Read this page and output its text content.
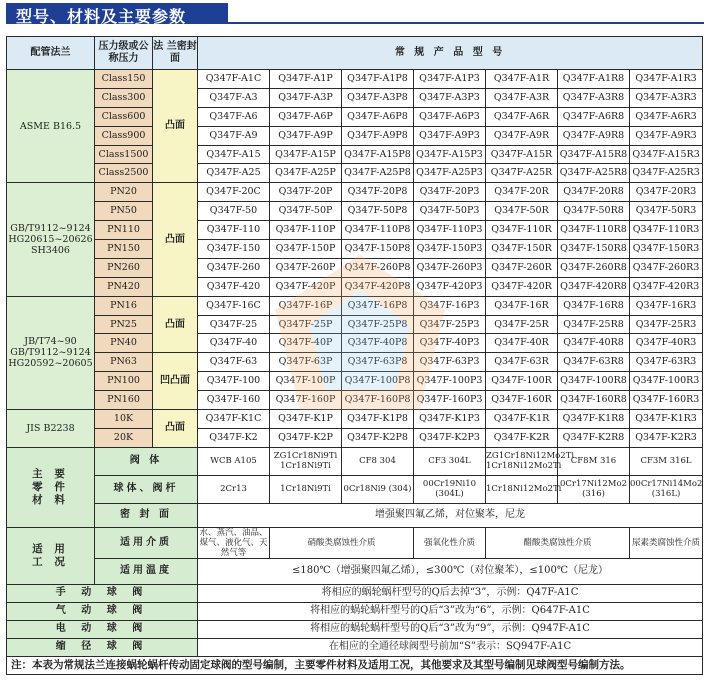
型号、材料及主要参数
配管法兰	压力级或公称压力	法 兰密封面	常 规 产 品 型 号						
ASME B16.5	Class150	凸面	Q347F-A1C	Q347F-A1P	Q347F-A1P8	Q347F-A1P3	Q347F-A1R	Q347F-A1R8	Q347F-A1R3
	Class300		Q347F-A3	Q347F-A3P	Q347F-A3P8	Q347F-A3P3	Q347F-A3R	Q347F-A3R8	Q347F-A3R3
	Class600		Q347F-A6	Q347F-A6P	Q347F-A6P8	Q347F-A6P3	Q347F-A6R	Q347F-A6R8	Q347F-A6R3
	Class900		Q347F-A9	Q347F-A9P	Q347F-A9P8	Q347F-A9P3	Q347F-A9R	Q347F-A9R8	Q347F-A9R3
	Class1500		Q347F-A15	Q347F-A15P	Q347F-A15P8	Q347F-A15P3	Q347F-A15R	Q347F-A15R8	Q347F-A15R3
	Class2500		Q347F-A25	Q347F-A25P	Q347F-A25P8	Q347F-A25P3	Q347F-A25R	Q347F-A25R8	Q347F-A25R3
GB/T9112~9124 HG20615~20626 SH3406	PN20	凸面	Q347F-20C	Q347F-20P	Q347F-20P8	Q347F-20P3	Q347F-20R	Q347F-20R8	Q347F-20R3
	PN50		Q347F-50	Q347F-50P	Q347F-50P8	Q347F-50P3	Q347F-50R	Q347F-50R8	Q347F-50R3
	PN110		Q347F-110	Q347F-110P	Q347F-110P8	Q347F-110P3	Q347F-110R	Q347F-110R8	Q347F-110R3
	PN150		Q347F-150	Q347F-150P	Q347F-150P8	Q347F-150P3	Q347F-150R	Q347F-150R8	Q347F-150R3
	PN260		Q347F-260	Q347F-260P	Q347F-260P8	Q347F-260P3	Q347F-260R	Q347F-260R8	Q347F-260R3
	PN420		Q347F-420	Q347F-420P	Q347F-420P8	Q347F-420P3	Q347F-420R	Q347F-420R8	Q347F-420R3
JB/T74~90 GB/T9112~9124 HG20592~20605	PN16	凸面	Q347F-16C	Q347F-16P	Q347F-16P8	Q347F-16P3	Q347F-16R	Q347F-16R8	Q347F-16R3
	PN25		Q347F-25	Q347F-25P	Q347F-25P8	Q347F-25P3	Q347F-25R	Q347F-25R8	Q347F-25R3
	PN40		Q347F-40	Q347F-40P	Q347F-40P8	Q347F-40P3	Q347F-40R	Q347F-40R8	Q347F-40R3
	PN63	凹凸面	Q347F-63	Q347F-63P	Q347F-63P8	Q347F-63P3	Q347F-63R	Q347F-63R8	Q347F-63R3
	PN100		Q347F-100	Q347F-100P	Q347F-100P8	Q347F-100P3	Q347F-100R	Q347F-100R8	Q347F-100R3
	PN160		Q347F-160	Q347F-160P	Q347F-160P8	Q347F-160P3	Q347F-160R	Q347F-160R8	Q347F-160R3
JIS B2238	10K	凸面	Q347F-K1C	Q347F-K1P	Q347F-K1P8	Q347F-K1P3	Q347F-K1R	Q347F-K1R8	Q347F-K1R3
	20K		Q347F-K2	Q347F-K2P	Q347F-K2P8	Q347F-K2P3	Q347F-K2R	Q347F-K2R8	Q347F-K2R3
主 要 零 件 材 料	阀 体		WCB A105	ZG1Cr18Ni9Ti 1Cr18Ni9Ti	CF8 304	CF3 304L	ZG1Cr18Ni12Mo2Ti 1Cr18Ni12Mo2Ti	CF8M 316	CF3M 316L
	球体、阀杆		2Cr13	1Cr18Ni9Ti	0Cr18Ni9 (304)	00Cr19Ni10 (304L)	1Cr18Ni12Mo2Ti	0Cr17Ni12Mo2 (316)	00Cr17Ni14Mo2 (316L)
	密 封 面		增强聚四氟乙烯，对位聚苯，尼龙						
适 用 工 况	适用介质		水、蒸汽、油品、煤气、液化气、天然气等	硝酸类腐蚀性介质		强氧化性介质	醋酸类腐蚀性介质		尿素类腐蚀性介质
	适用温度		≤180℃（增强聚四氟乙烯），≤300℃（对位聚苯），≤100℃（尼龙）						
手 动 球 阀			将相应的蜗轮蜗杆型号的Q后去掉“3”，示例：Q47F-A1C						
气 动 球 阀			将相应的蜗轮蜗杆型号的Q后“3”改为“6”，示例：Q647F-A1C						
电 动 球 阀			将相应的蜗轮蜗杆型号的Q后“3”改为“9”，示例：Q947F-A1C						
缩 径 球 阀			在相应的全通径球阀型号前加“S”表示：SQ947F-A1C						
注：本表为常规法兰连接蜗轮蜗杆传动固定球阀的型号编制，主要零件材料及适用工况，其他要求及其型号编制见球阀型号编制方法。									
